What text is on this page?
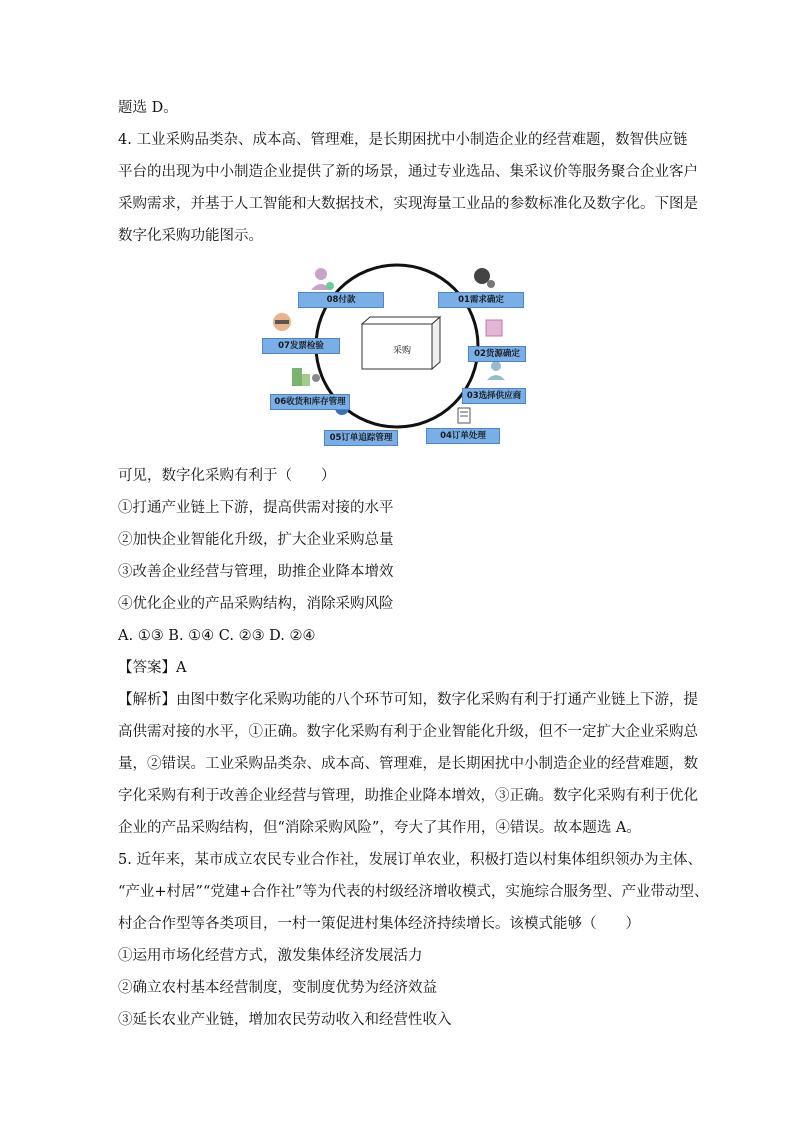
题选 D。
4. 工业采购品类杂、成本高、管理难，是长期困扰中小制造企业的经营难题，数智供应链
平台的出现为中小制造企业提供了新的场景，通过专业选品、集采议价等服务聚合企业客户
采购需求，并基于人工智能和大数据技术，实现海量工业品的参数标准化及数字化。下图是
数字化采购功能图示。
采购
08付款	01需求确定
07发票检验
02货源确定
06收货和库存管理
03选择供应商
05订单追踪管理	04订单处理
可见，数字化采购有利于（　　）
①打通产业链上下游，提高供需对接的水平
②加快企业智能化升级，扩大企业采购总量
③改善企业经营与管理，助推企业降本增效
④优化企业的产品采购结构，消除采购风险
A. ①③ B. ①④ C. ②③ D. ②④
【答案】A
【解析】由图中数字化采购功能的八个环节可知，数字化采购有利于打通产业链上下游，提
高供需对接的水平，①正确。数字化采购有利于企业智能化升级，但不一定扩大企业采购总
量，②错误。工业采购品类杂、成本高、管理难，是长期困扰中小制造企业的经营难题，数
字化采购有利于改善企业经营与管理，助推企业降本增效，③正确。数字化采购有利于优化
企业的产品采购结构，但“消除采购风险”，夸大了其作用，④错误。故本题选 A。
5. 近年来，某市成立农民专业合作社，发展订单农业，积极打造以村集体组织领办为主体、
“产业+村居”“党建+合作社”等为代表的村级经济增收模式，实施综合服务型、产业带动型、
村企合作型等各类项目，一村一策促进村集体经济持续增长。该模式能够（　　）
①运用市场化经营方式，激发集体经济发展活力
②确立农村基本经营制度，变制度优势为经济效益
③延长农业产业链，增加农民劳动收入和经营性收入
